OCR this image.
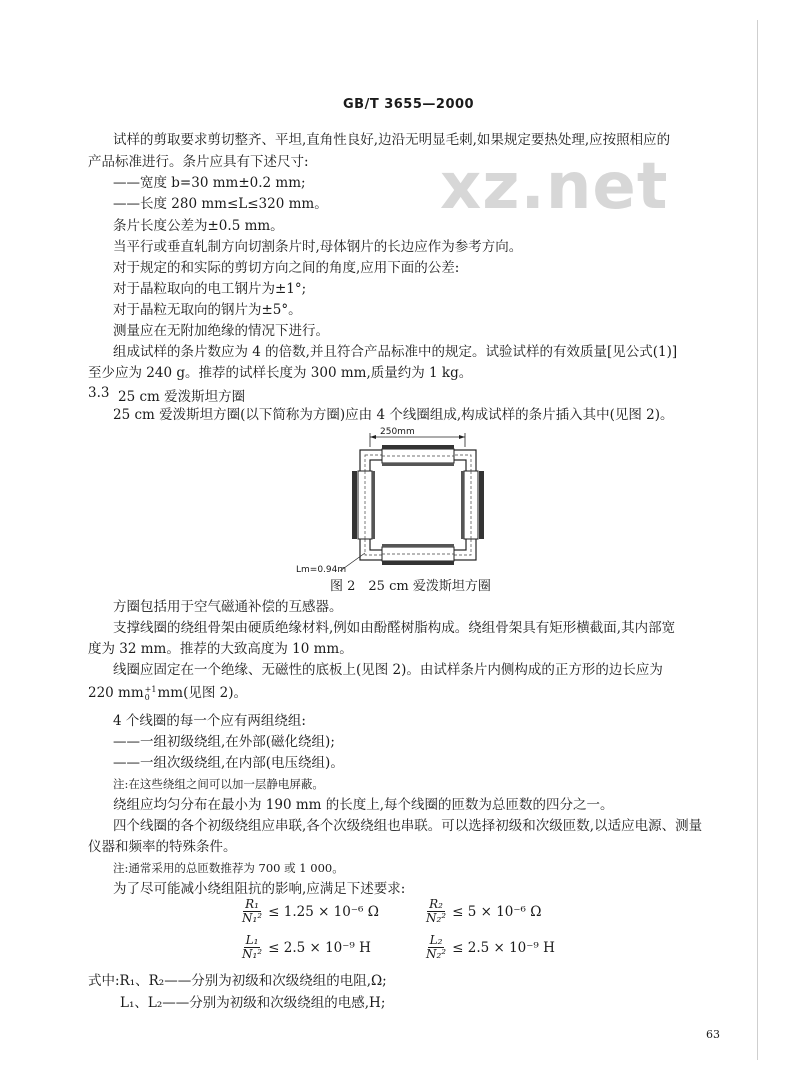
GB/T 3655—2000
xz.net
试样的剪取要求剪切整齐、平坦,直角性良好,边沿无明显毛刺,如果规定要热处理,应按照相应的
产品标准进行。条片应具有下述尺寸:
——宽度 b=30 mm±0.2 mm;
——长度 280 mm≤L≤320 mm。
条片长度公差为±0.5 mm。
当平行或垂直轧制方向切割条片时,母体钢片的长边应作为参考方向。
对于规定的和实际的剪切方向之间的角度,应用下面的公差:
对于晶粒取向的电工钢片为±1°;
对于晶粒无取向的钢片为±5°。
测量应在无附加绝缘的情况下进行。
组成试样的条片数应为 4 的倍数,并且符合产品标准中的规定。试验试样的有效质量[见公式(1)]
至少应为 240 g。推荐的试样长度为 300 mm,质量约为 1 kg。
3.3 25 cm 爱泼斯坦方圈
25 cm 爱泼斯坦方圈(以下简称为方圈)应由 4 个线圈组成,构成试样的条片插入其中(见图 2)。
250mm
Lm=0.94m
图 2　25 cm 爱泼斯坦方圈
方圈包括用于空气磁通补偿的互感器。
支撑线圈的绕组骨架由硬质绝缘材料,例如由酚醛树脂构成。绕组骨架具有矩形横截面,其内部宽
度为 32 mm。推荐的大致高度为 10 mm。
线圈应固定在一个绝缘、无磁性的底板上(见图 2)。由试样条片内侧构成的正方形的边长应为
220 mm +1
0 mm(见图 2)。
4 个线圈的每一个应有两组绕组:
——一组初级绕组,在外部(磁化绕组);
——一组次级绕组,在内部(电压绕组)。
注:在这些绕组之间可以加一层静电屏蔽。
绕组应均匀分布在最小为 190 mm 的长度上,每个线圈的匝数为总匝数的四分之一。
四个线圈的各个初级绕组应串联,各个次级绕组也串联。可以选择初级和次级匝数,以适应电源、测量
仪器和频率的特殊条件。
注:通常采用的总匝数推荐为 700 或 1 000。
为了尽可能减小绕组阻抗的影响,应满足下述要求:
$\frac{\text{R₁}}{\text{N₁²}} \le 1.25 \times 10^{-6}$ Ω	$\frac{\text{R₂}}{\text{N₂²}} \le 5 \times 10^{-6}$ Ω
$\frac{\text{L₁}}{\text{N₁²}} \le 2.5 \times 10^{-9}$ H	$\frac{\text{L₂}}{\text{N₂²}} \le 2.5 \times 10^{-9}$ H
式中:R₁、R₂——分别为初级和次级绕组的电阻,Ω;
L₁、L₂——分别为初级和次级绕组的电感,H;
63
